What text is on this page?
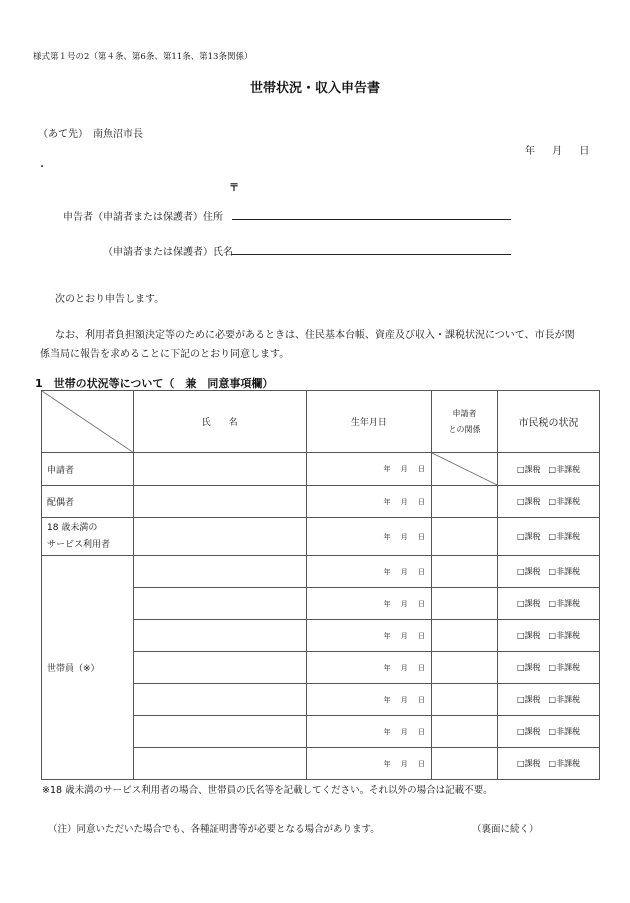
様式第１号の2（第４条、第6条、第11条、第13条関係）
世帯状況・収入申告書
（あて先）　南魚沼市長
年 月 日
・
〒
申告者（申請者または保護者）住所
（申請者または保護者）氏名
次のとおり申告します。
なお、利用者負担額決定等のために必要があるときは、住民基本台帳、資産及び収入・課税状況について、市長が関
係当局に報告を求めることに下記のとおり同意します。
1　世帯の状況等について（　兼　同意事項欄）
	氏　　名	生年月日	申請者
との関係	市民税の状況
申請者		年 月 日		□課税　□非課税
配偶者		年 月 日		□課税　□非課税

18 歳未満の
サービス利用者		年 月 日		□課税　□非課税
世帯員（※）		年 月 日		□課税　□非課税
		年 月 日		□課税　□非課税
		年 月 日		□課税　□非課税
		年 月 日		□課税　□非課税
		年 月 日		□課税　□非課税
		年 月 日		□課税　□非課税
		年 月 日		□課税　□非課税
※18 歳未満のサービス利用者の場合、世帯員の氏名等を記載してください。それ以外の場合は記載不要。
（注）同意いただいた場合でも、各種証明書等が必要となる場合があります。	（裏面に続く）
